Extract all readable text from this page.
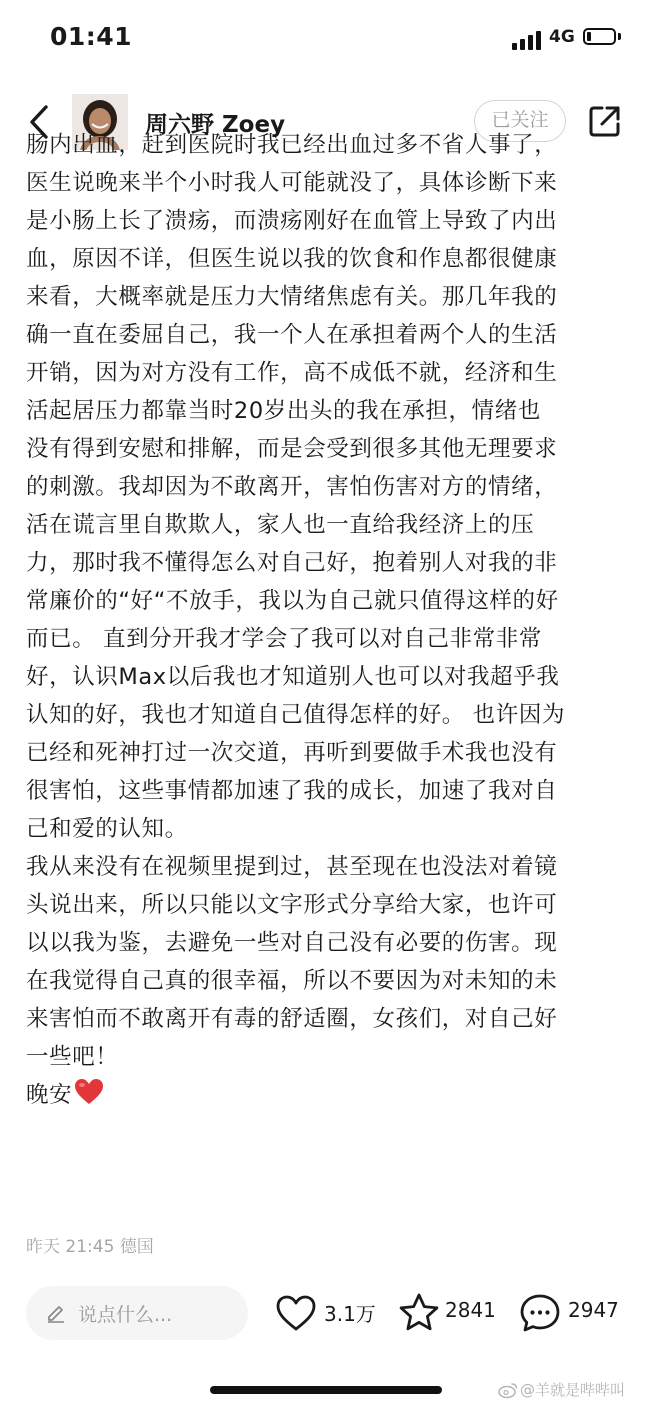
01:41	4G
周六野 Zoey	已关注

肠内出血，赶到医院时我已经出血过多不省人事了，

医生说晚来半个小时我人可能就没了，具体诊断下来
是小肠上长了溃疡，而溃疡刚好在血管上导致了内出
血，原因不详，但医生说以我的饮食和作息都很健康
来看，大概率就是压力大情绪焦虑有关。那几年我的
确一直在委屈自己，我一个人在承担着两个人的生活
开销，因为对方没有工作，高不成低不就，经济和生
活起居压力都靠当时20岁出头的我在承担，情绪也
没有得到安慰和排解，而是会受到很多其他无理要求
的刺激。我却因为不敢离开，害怕伤害对方的情绪，
活在谎言里自欺欺人，家人也一直给我经济上的压
力，那时我不懂得怎么对自己好，抱着别人对我的非
常廉价的“好“不放手，我以为自己就只值得这样的好
而已。 直到分开我才学会了我可以对自己非常非常
好，认识Max以后我也才知道别人也可以对我超乎我
认知的好，我也才知道自己值得怎样的好。 也许因为
已经和死神打过一次交道，再听到要做手术我也没有
很害怕，这些事情都加速了我的成长，加速了我对自
己和爱的认知。

我从来没有在视频里提到过，甚至现在也没法对着镜
头说出来，所以只能以文字形式分享给大家，也许可
以以我为鉴，去避免一些对自己没有必要的伤害。现
在我觉得自己真的很幸福，所以不要因为对未知的未
来害怕而不敢离开有毒的舒适圈，女孩们，对自己好
一些吧！

晚安

昨天 21:45 德国
说点什么...	3.1万	2841	2947
@羊就是哔哔叫
